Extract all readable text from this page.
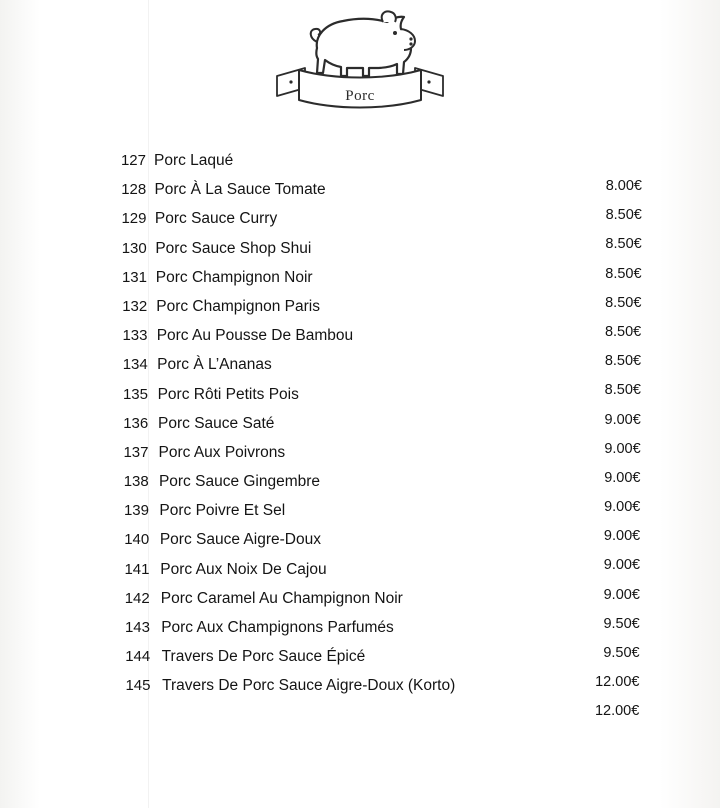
Porc
127 Porc Laqué
8.00€
128 Porc À La Sauce Tomate
8.50€
129 Porc Sauce Curry
8.50€
130 Porc Sauce Shop Shui
8.50€
131 Porc Champignon Noir
8.50€
132 Porc Champignon Paris
8.50€
133 Porc Au Pousse De Bambou
8.50€
134 Porc À L’Ananas
8.50€
135 Porc Rôti Petits Pois
9.00€
136 Porc Sauce Saté
9.00€
137 Porc Aux Poivrons
9.00€
138 Porc Sauce Gingembre
9.00€
139 Porc Poivre Et Sel
9.00€
140 Porc Sauce Aigre-Doux
9.00€
141 Porc Aux Noix De Cajou
9.00€
142 Porc Caramel Au Champignon Noir
9.50€
143 Porc Aux Champignons Parfumés
9.50€
144 Travers De Porc Sauce Épicé
12.00€
145 Travers De Porc Sauce Aigre-Doux (Korto)
12.00€
